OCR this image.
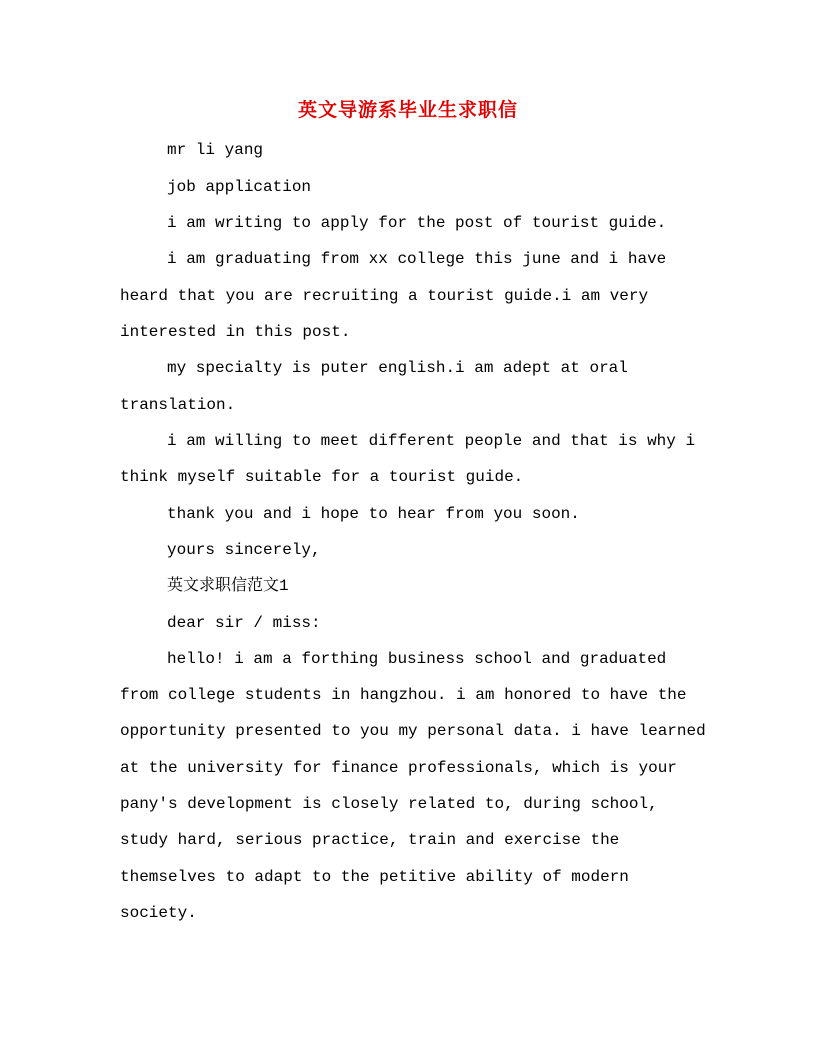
英文导游系毕业生求职信
mr li yang
job application
i am writing to apply for the post of tourist guide.
i am graduating from xx college this june and i have
heard that you are recruiting a tourist guide.i am very
interested in this post.
my specialty is puter english.i am adept at oral
translation.
i am willing to meet different people and that is why i
think myself suitable for a tourist guide.
thank you and i hope to hear from you soon.
yours sincerely,
英文求职信范文1
dear sir / miss:
hello! i am a forthing business school and graduated
from college students in hangzhou. i am honored to have the
opportunity presented to you my personal data. i have learned
at the university for finance professionals, which is your
pany's development is closely related to, during school,
study hard, serious practice, train and exercise the
themselves to adapt to the petitive ability of modern
society.
